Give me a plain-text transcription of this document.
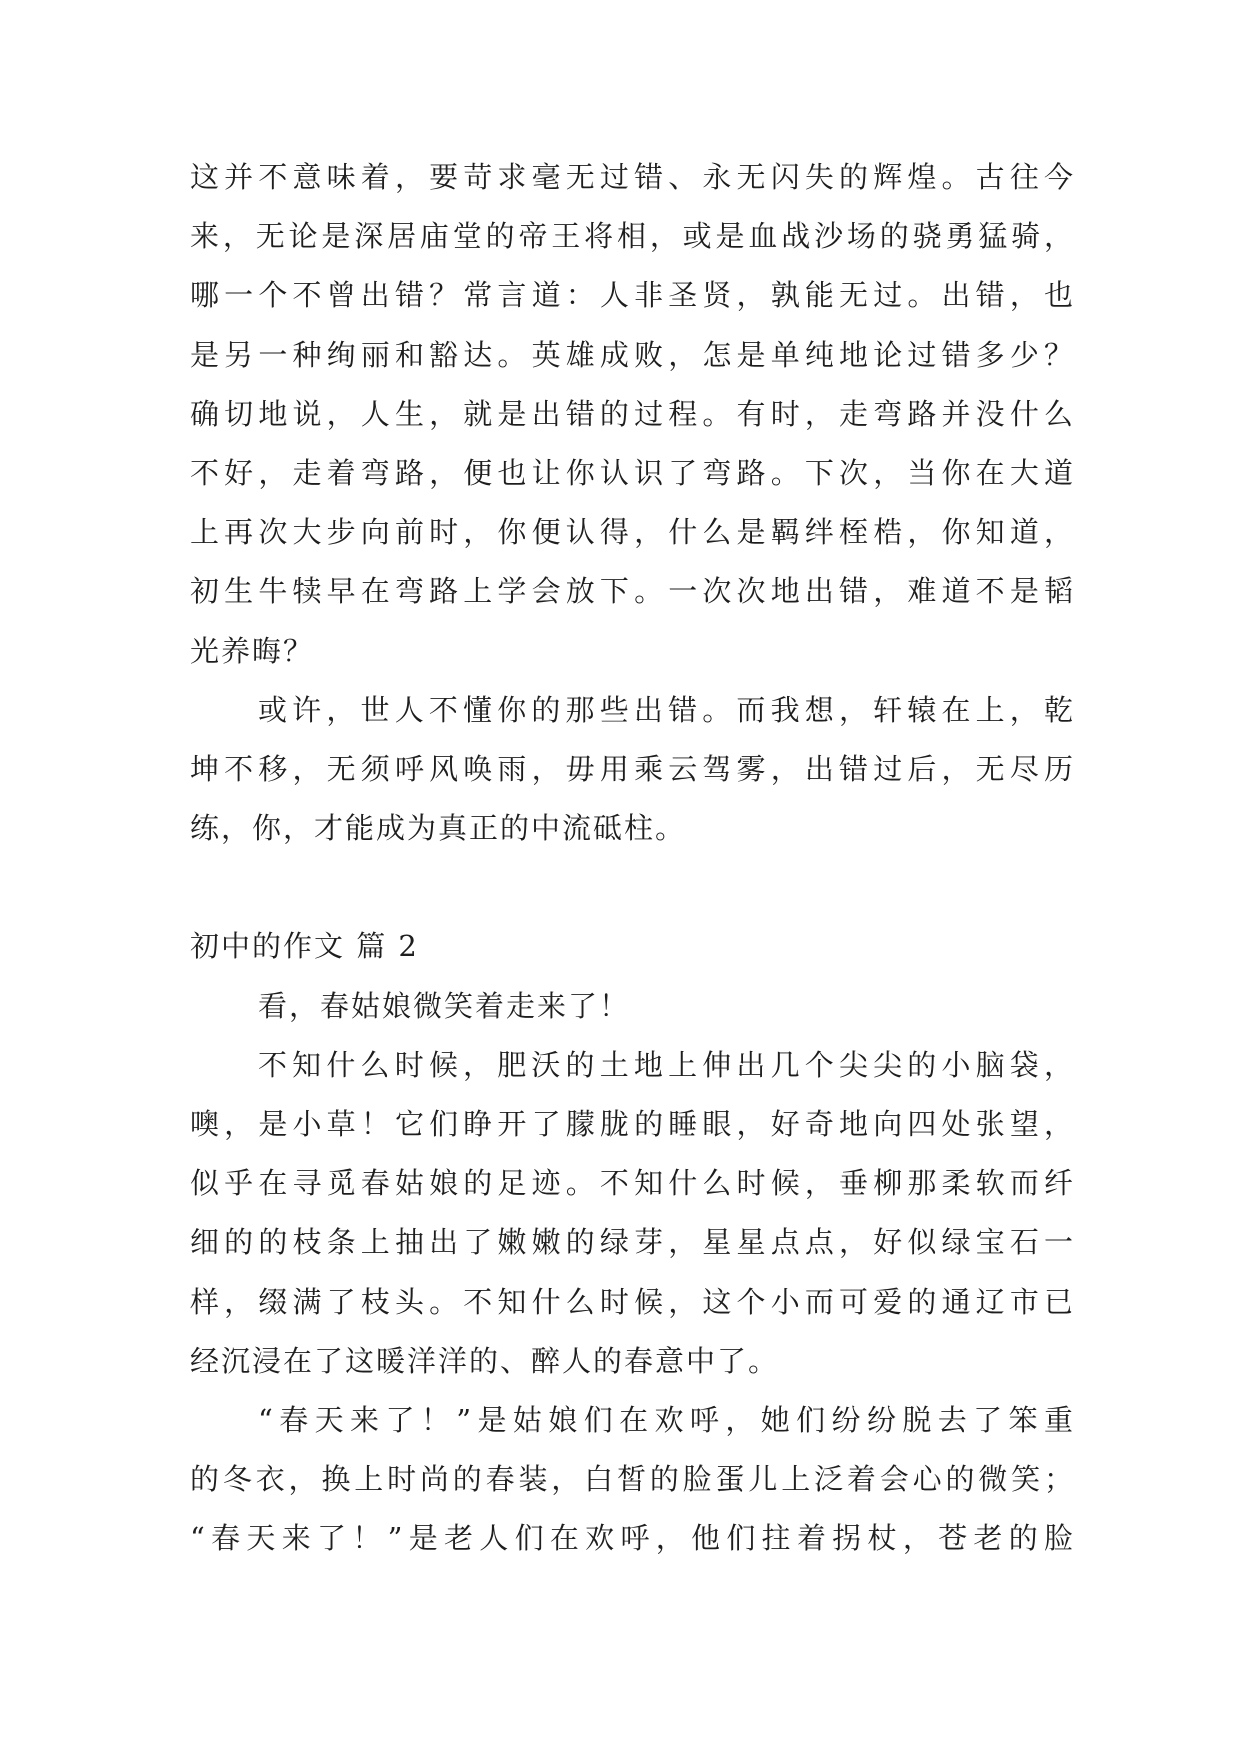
这并不意味着，要苛求毫无过错、永无闪失的辉煌。古往今
来，无论是深居庙堂的帝王将相，或是血战沙场的骁勇猛骑，
哪一个不曾出错？常言道：人非圣贤，孰能无过。出错，也
是另一种绚丽和豁达。英雄成败，怎是单纯地论过错多少？
确切地说，人生，就是出错的过程。有时，走弯路并没什么
不好，走着弯路，便也让你认识了弯路。下次，当你在大道
上再次大步向前时，你便认得，什么是羁绊桎梏，你知道，
初生牛犊早在弯路上学会放下。一次次地出错，难道不是韬
光养晦？
或许，世人不懂你的那些出错。而我想，轩辕在上，乾
坤不移，无须呼风唤雨，毋用乘云驾雾，出错过后，无尽历
练，你，才能成为真正的中流砥柱。
初中的作文 篇 2
看，春姑娘微笑着走来了！
不知什么时候，肥沃的土地上伸出几个尖尖的小脑袋，
噢，是小草！它们睁开了朦胧的睡眼，好奇地向四处张望，
似乎在寻觅春姑娘的足迹。不知什么时候，垂柳那柔软而纤
细的的枝条上抽出了嫩嫩的绿芽，星星点点，好似绿宝石一
样，缀满了枝头。不知什么时候，这个小而可爱的通辽市已
经沉浸在了这暖洋洋的、醉人的春意中了。
“春天来了！”是姑娘们在欢呼，她们纷纷脱去了笨重
的冬衣，换上时尚的春装，白皙的脸蛋儿上泛着会心的微笑；
“春天来了！”是老人们在欢呼，他们拄着拐杖，苍老的脸
